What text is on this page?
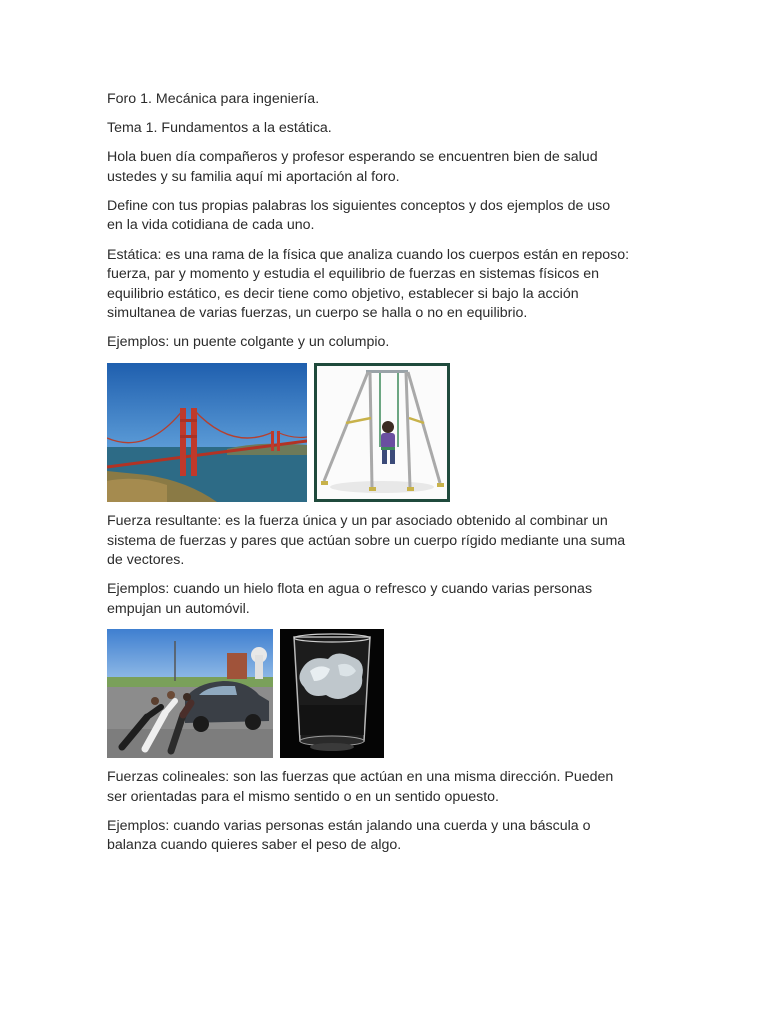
Foro 1. Mecánica para ingeniería.

Tema 1. Fundamentos a la estática.

Hola buen día compañeros y profesor esperando se encuentren bien de salud
ustedes y su familia aquí mi aportación al foro.

Define con tus propias palabras los siguientes conceptos y dos ejemplos de uso
en la vida cotidiana de cada uno.

Estática: es una rama de la física que analiza cuando los cuerpos están en reposo:
fuerza, par y momento y estudia el equilibrio de fuerzas en sistemas físicos en
equilibrio estático, es decir tiene como objetivo, establecer si bajo la acción
simultanea de varias fuerzas, un cuerpo se halla o no en equilibrio.

Ejemplos: un puente colgante y un columpio.

Fuerza resultante: es la fuerza única y un par asociado obtenido al combinar un
sistema de fuerzas y pares que actúan sobre un cuerpo rígido mediante una suma
de vectores.

Ejemplos: cuando un hielo flota en agua o refresco y cuando varias personas
empujan un automóvil.

Fuerzas colineales: son las fuerzas que actúan en una misma dirección. Pueden
ser orientadas para el mismo sentido o en un sentido opuesto.

Ejemplos: cuando varias personas están jalando una cuerda y una báscula o
balanza cuando quieres saber el peso de algo.
